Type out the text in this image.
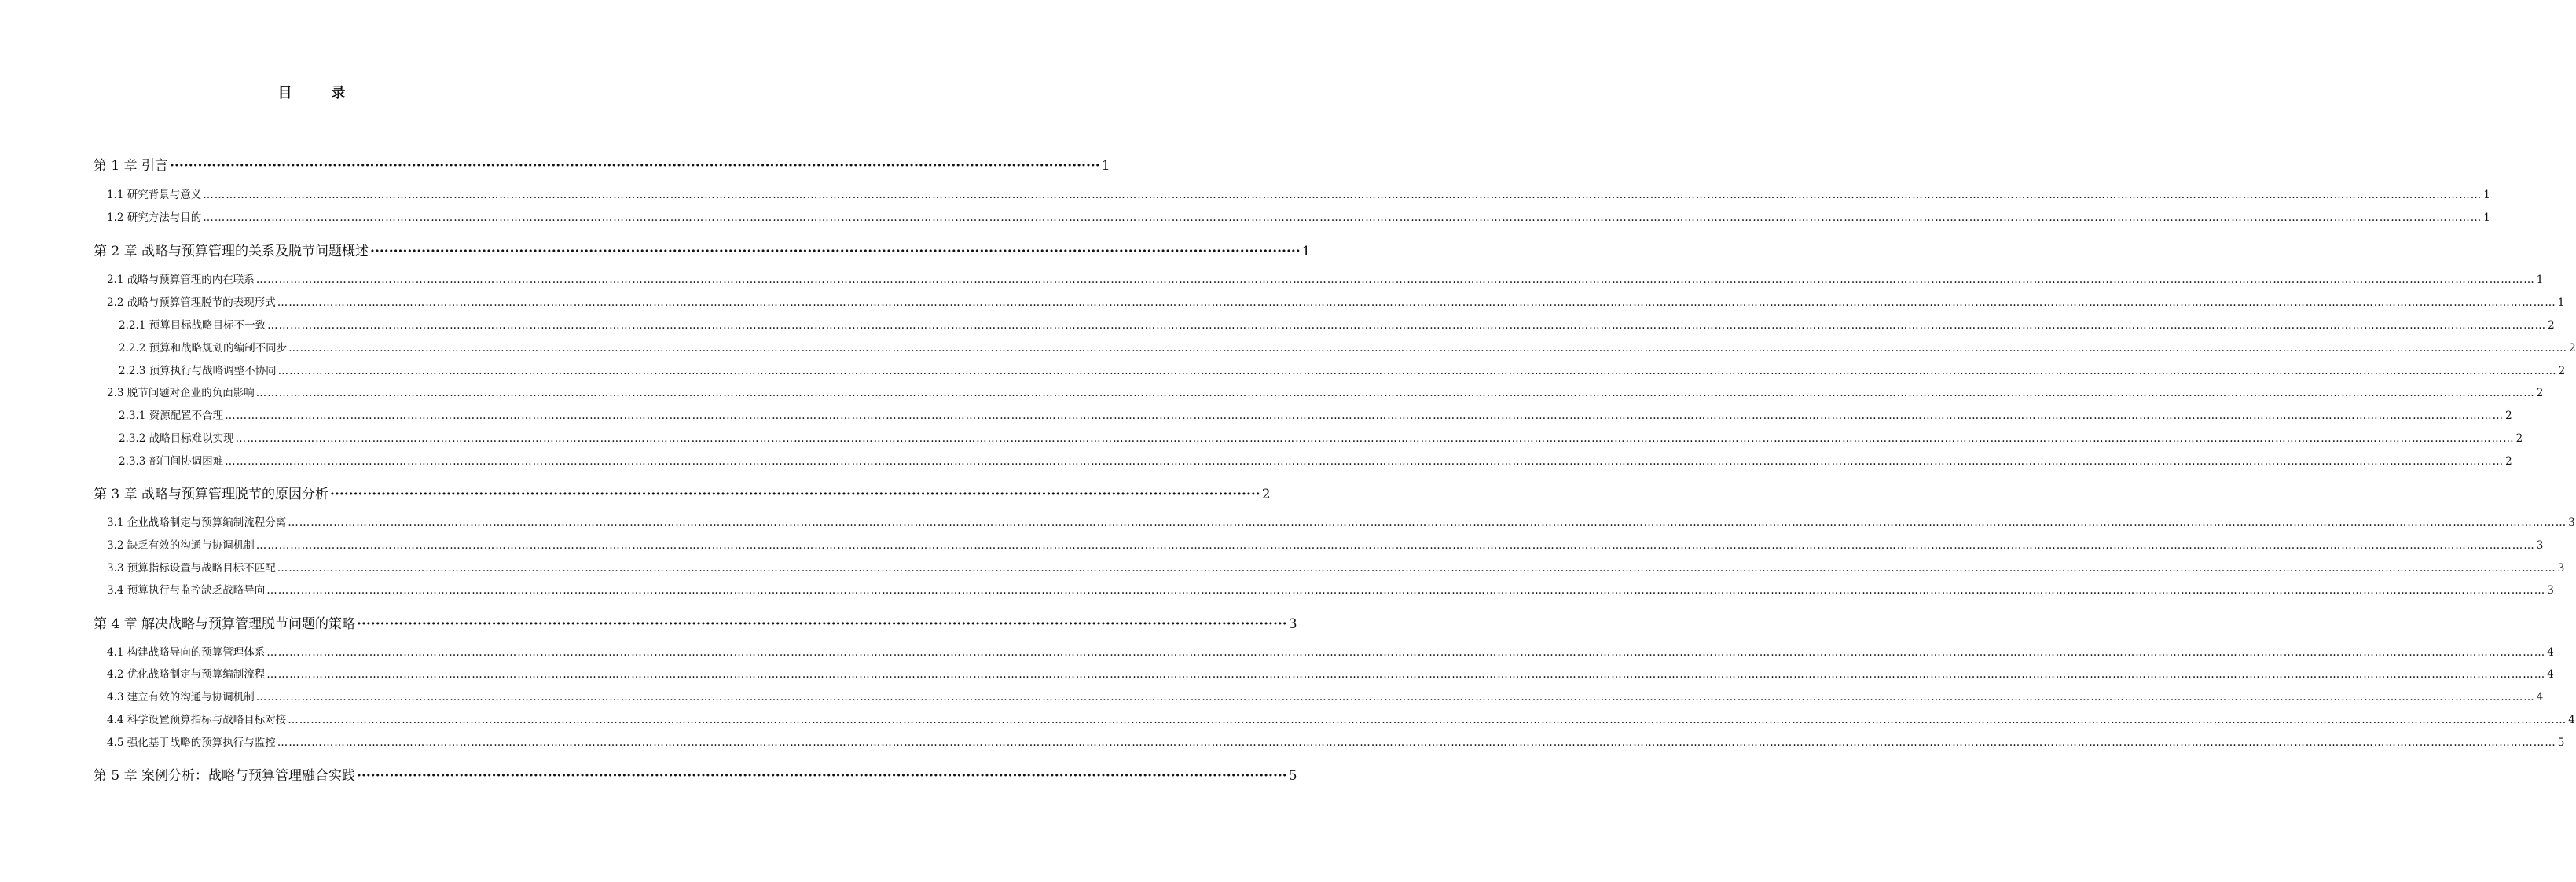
目　录
第 1 章 引言 ········································································································································································································ 1
1.1 研究背景与意义 …………………………………………………………………………………………………………………………………………………………………………………………………………………………………………………………………………………………………………………………………………………………………………………………………………………………………………………………………………………………………………………………………………………… 1
1.2 研究方法与目的 …………………………………………………………………………………………………………………………………………………………………………………………………………………………………………………………………………………………………………………………………………………………………………………………………………………………………………………………………………………………………………………………………………………… 1
第 2 章 战略与预算管理的关系及脱节问题概述 ········································································································································································································ 1
2.1 战略与预算管理的内在联系 …………………………………………………………………………………………………………………………………………………………………………………………………………………………………………………………………………………………………………………………………………………………………………………………………………………………………………………………………………………………………………………………………………………… 1
2.2 战略与预算管理脱节的表现形式 …………………………………………………………………………………………………………………………………………………………………………………………………………………………………………………………………………………………………………………………………………………………………………………………………………………………………………………………………………………………………………………………………………………… 1
2.2.1 预算目标战略目标不一致 …………………………………………………………………………………………………………………………………………………………………………………………………………………………………………………………………………………………………………………………………………………………………………………………………………………………………………………………………………………………………………………………………………………… 2
2.2.2 预算和战略规划的编制不同步 …………………………………………………………………………………………………………………………………………………………………………………………………………………………………………………………………………………………………………………………………………………………………………………………………………………………………………………………………………………………………………………………………………………… 2
2.2.3 预算执行与战略调整不协同 …………………………………………………………………………………………………………………………………………………………………………………………………………………………………………………………………………………………………………………………………………………………………………………………………………………………………………………………………………………………………………………………………………………… 2
2.3 脱节问题对企业的负面影响 …………………………………………………………………………………………………………………………………………………………………………………………………………………………………………………………………………………………………………………………………………………………………………………………………………………………………………………………………………………………………………………………………………………… 2
2.3.1 资源配置不合理 …………………………………………………………………………………………………………………………………………………………………………………………………………………………………………………………………………………………………………………………………………………………………………………………………………………………………………………………………………………………………………………………………………………… 2
2.3.2 战略目标难以实现 …………………………………………………………………………………………………………………………………………………………………………………………………………………………………………………………………………………………………………………………………………………………………………………………………………………………………………………………………………………………………………………………………………………… 2
2.3.3 部门间协调困难 …………………………………………………………………………………………………………………………………………………………………………………………………………………………………………………………………………………………………………………………………………………………………………………………………………………………………………………………………………………………………………………………………………………… 2
第 3 章 战略与预算管理脱节的原因分析 ········································································································································································································ 2
3.1 企业战略制定与预算编制流程分离 …………………………………………………………………………………………………………………………………………………………………………………………………………………………………………………………………………………………………………………………………………………………………………………………………………………………………………………………………………………………………………………………………………………… 3
3.2 缺乏有效的沟通与协调机制 …………………………………………………………………………………………………………………………………………………………………………………………………………………………………………………………………………………………………………………………………………………………………………………………………………………………………………………………………………………………………………………………………………………… 3
3.3 预算指标设置与战略目标不匹配 …………………………………………………………………………………………………………………………………………………………………………………………………………………………………………………………………………………………………………………………………………………………………………………………………………………………………………………………………………………………………………………………………………………… 3
3.4 预算执行与监控缺乏战略导向 …………………………………………………………………………………………………………………………………………………………………………………………………………………………………………………………………………………………………………………………………………………………………………………………………………………………………………………………………………………………………………………………………………………… 3
第 4 章 解决战略与预算管理脱节问题的策略 ········································································································································································································ 3
4.1 构建战略导向的预算管理体系 …………………………………………………………………………………………………………………………………………………………………………………………………………………………………………………………………………………………………………………………………………………………………………………………………………………………………………………………………………………………………………………………………………………… 4
4.2 优化战略制定与预算编制流程 …………………………………………………………………………………………………………………………………………………………………………………………………………………………………………………………………………………………………………………………………………………………………………………………………………………………………………………………………………………………………………………………………………………… 4
4.3 建立有效的沟通与协调机制 …………………………………………………………………………………………………………………………………………………………………………………………………………………………………………………………………………………………………………………………………………………………………………………………………………………………………………………………………………………………………………………………………………………… 4
4.4 科学设置预算指标与战略目标对接 …………………………………………………………………………………………………………………………………………………………………………………………………………………………………………………………………………………………………………………………………………………………………………………………………………………………………………………………………………………………………………………………………………………… 4
4.5 强化基于战略的预算执行与监控 …………………………………………………………………………………………………………………………………………………………………………………………………………………………………………………………………………………………………………………………………………………………………………………………………………………………………………………………………………………………………………………………………………………… 5
第 5 章 案例分析：战略与预算管理融合实践 ········································································································································································································ 5
